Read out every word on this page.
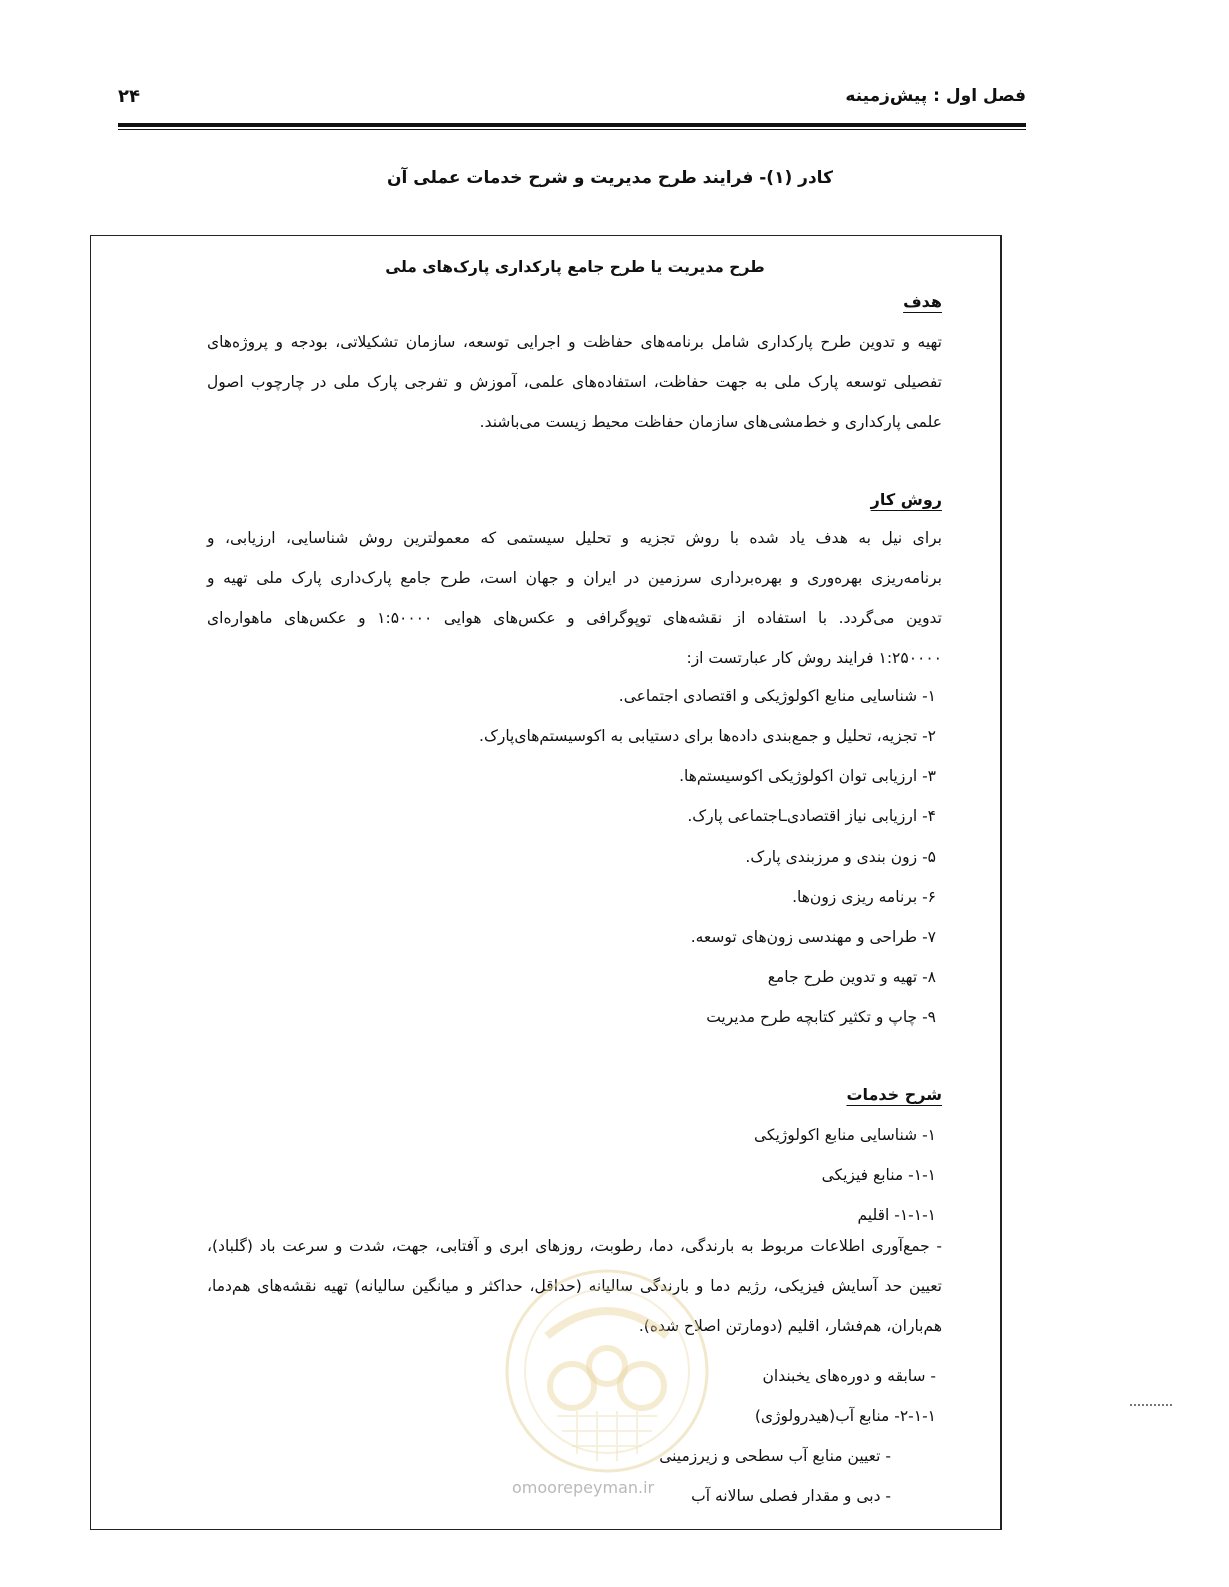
فصل اول : پیش‌زمینه
۲۴
کادر (۱)- فرایند طرح مدیریت و شرح خدمات عملی آن
طرح مدیریت یا طرح جامع پارکداری پارک‌های ملی
هدف
تهیه و تدوین طرح پارکداری شامل برنامه‌های حفاظت و اجرایی توسعه، سازمان تشکیلاتی، بودجه و پروژه‌های
تفصیلی توسعه پارک ملی به جهت حفاظت، استفاده‌های علمی، آموزش و تفرجی پارک ملی در چارچوب اصول
علمی پارکداری و خط‌مشی‌های سازمان حفاظت محیط زیست می‌باشند.
روش کار
برای نیل به هدف یاد شده با روش تجزیه و تحلیل سیستمی که معمولترین روش شناسایی، ارزیابی، و
برنامه‌ریزی بهره‌وری و بهره‌برداری سرزمین در ایران و جهان است، طرح جامع پارک‌داری پارک ملی تهیه و
تدوین می‌گردد. با استفاده از نقشه‌های توپوگرافی و عکس‌های هوایی ۱:۵۰۰۰۰ و عکس‌های ماهواره‌ای
۱:۲۵۰۰۰۰ فرایند روش کار عبارتست از:
۱- شناسایی منابع اکولوژیکی و اقتصادی اجتماعی.
۲- تجزیه، تحلیل و جمع‌بندی داده‌ها برای دستیابی به اکوسیستم‌های‌پارک.
۳- ارزیابی توان اکولوژیکی اکوسیستم‌ها.
۴- ارزیابی نیاز اقتصادی‌ـاجتماعی پارک.
۵- زون بندی و مرزبندی پارک.
۶- برنامه ریزی زون‌ها.
۷- طراحی و مهندسی زون‌های توسعه.
۸- تهیه و تدوین طرح جامع
۹- چاپ و تکثیر کتابچه طرح مدیریت
شرح خدمات
۱- شناسایی منابع اکولوژیکی
۱-۱- منابع فیزیکی
۱-۱-۱- اقلیم
- جمع‌آوری اطلاعات مربوط به بارندگی، دما، رطوبت، روزهای ابری و آفتابی، جهت، شدت و سرعت باد (گلباد)،
تعیین حد آسایش فیزیکی، رژیم دما و بارندگی سالیانه (حداقل، حداکثر و میانگین سالیانه) تهیه نقشه‌های هم‌دما،
هم‌باران، هم‌فشار، اقلیم (دومارتن اصلاح شده).
- سابقه و دوره‌های یخبندان
۲-۱-۱- منابع آب(هیدرولوژی)
- تعیین منابع آب سطحی و زیرزمینی
- دبی و مقدار فصلی سالانه آب
omoorepeyman.ir
